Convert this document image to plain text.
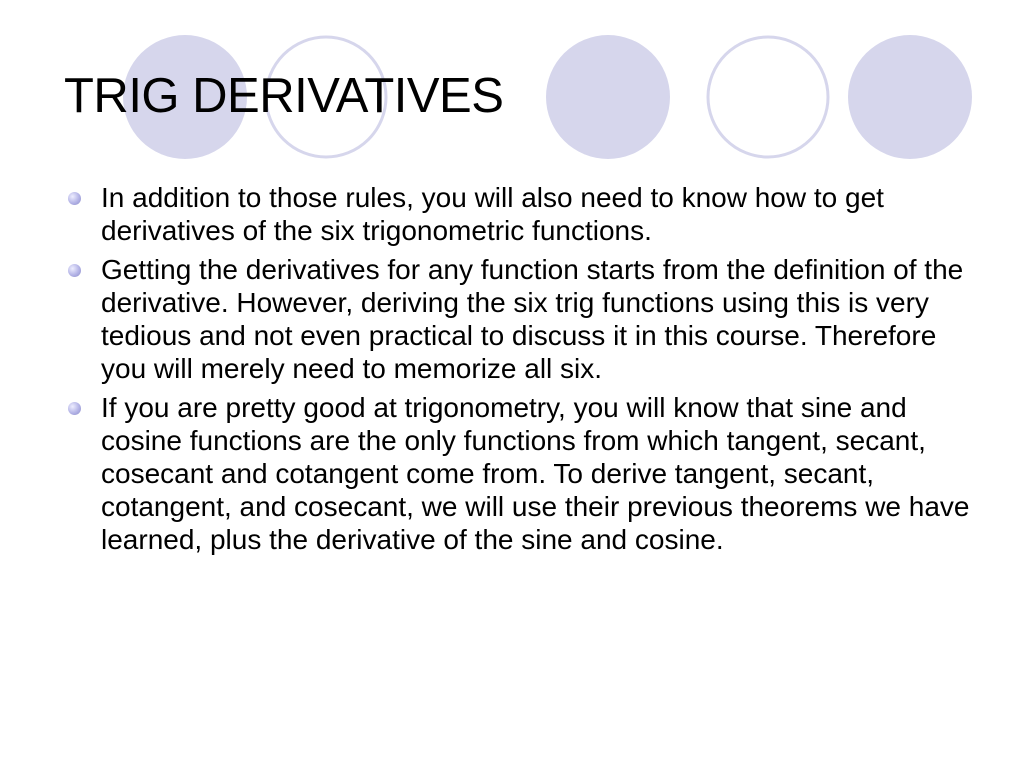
TRIG DERIVATIVES
In addition to those rules, you will also need to know how to get derivatives of the six trigonometric functions.
Getting the derivatives for any function starts from the definition of the derivative. However, deriving the six trig functions using this is very tedious and not even practical to discuss it in this course. Therefore you will merely need to memorize all six.
If you are pretty good at trigonometry, you will know that sine and cosine functions are the only functions from which tangent, secant, cosecant and cotangent come from. To derive tangent, secant, cotangent, and cosecant, we will use their previous theorems we have learned, plus the derivative of the sine and cosine.
